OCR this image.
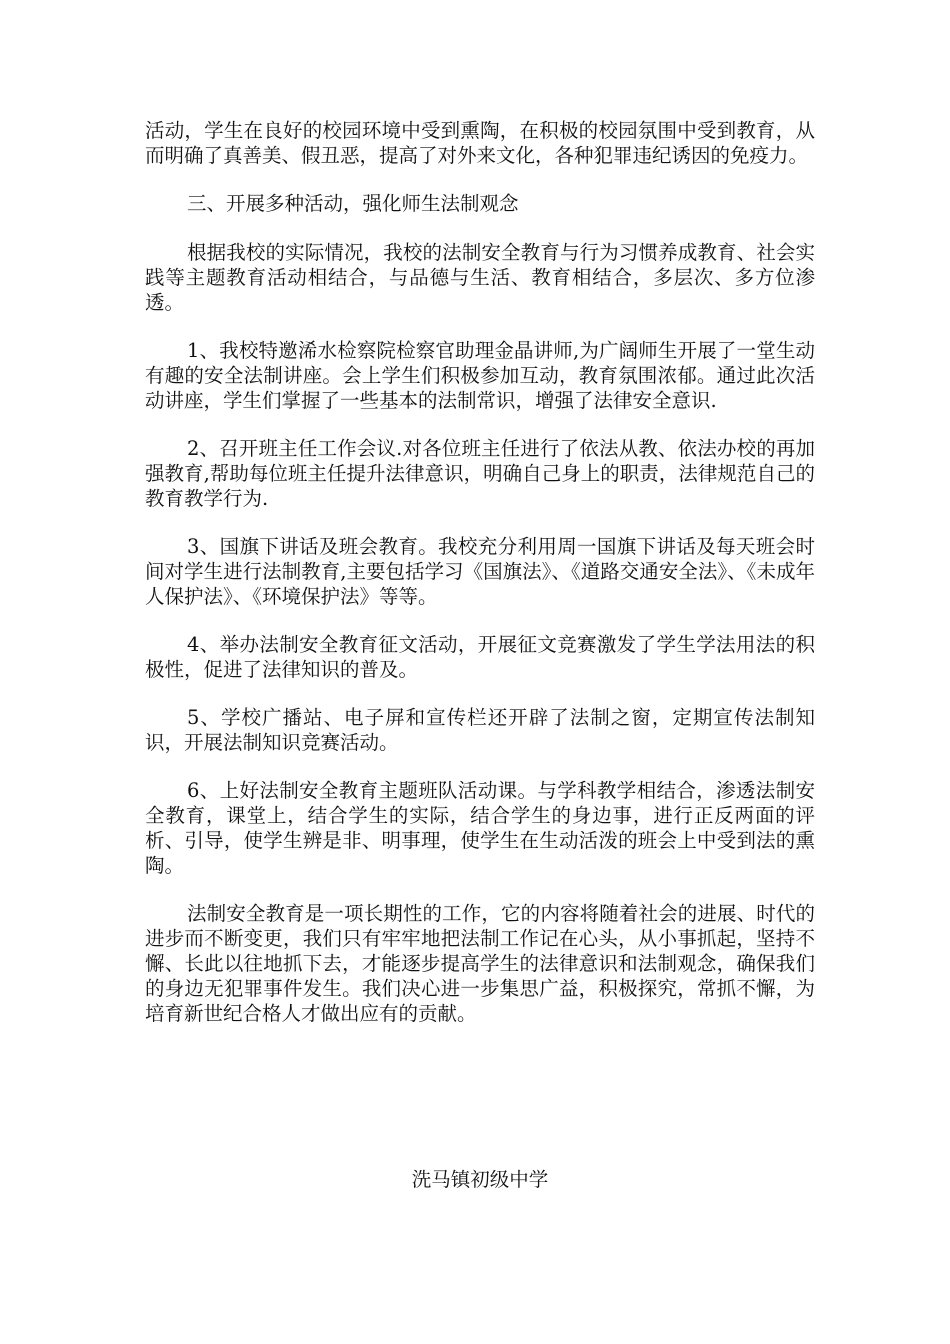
活动，学生在良好的校园环境中受到熏陶，在积极的校园氛围中受到教育，从而明确了真善美、假丑恶，提高了对外来文化，各种犯罪违纪诱因的免疫力。

三、开展多种活动，强化师生法制观念

根据我校的实际情况，我校的法制安全教育与行为习惯养成教育、社会实践等主题教育活动相结合，与品德与生活、教育相结合，多层次、多方位渗透。

1、我校特邀浠水检察院检察官助理金晶讲师,为广阔师生开展了一堂生动有趣的安全法制讲座。会上学生们积极参加互动，教育氛围浓郁。通过此次活动讲座，学生们掌握了一些基本的法制常识，增强了法律安全意识.

2、召开班主任工作会议.对各位班主任进行了依法从教、依法办校的再加强教育,帮助每位班主任提升法律意识，明确自己身上的职责，法律规范自己的教育教学行为.

3、国旗下讲话及班会教育。我校充分利用周一国旗下讲话及每天班会时间对学生进行法制教育,主要包括学习《国旗法》、《道路交通安全法》、《未成年人保护法》、《环境保护法》等等。

4、举办法制安全教育征文活动，开展征文竞赛激发了学生学法用法的积极性，促进了法律知识的普及。

5、学校广播站、电子屏和宣传栏还开辟了法制之窗，定期宣传法制知识，开展法制知识竞赛活动。

6、上好法制安全教育主题班队活动课。与学科教学相结合，渗透法制安全教育，课堂上，结合学生的实际，结合学生的身边事，进行正反两面的评析、引导，使学生辨是非、明事理，使学生在生动活泼的班会上中受到法的熏陶。

法制安全教育是一项长期性的工作，它的内容将随着社会的进展、时代的进步而不断变更，我们只有牢牢地把法制工作记在心头，从小事抓起，坚持不懈、长此以往地抓下去，才能逐步提高学生的法律意识和法制观念，确保我们的身边无犯罪事件发生。我们决心进一步集思广益，积极探究，常抓不懈，为培育新世纪合格人才做出应有的贡献。

洗马镇初级中学
